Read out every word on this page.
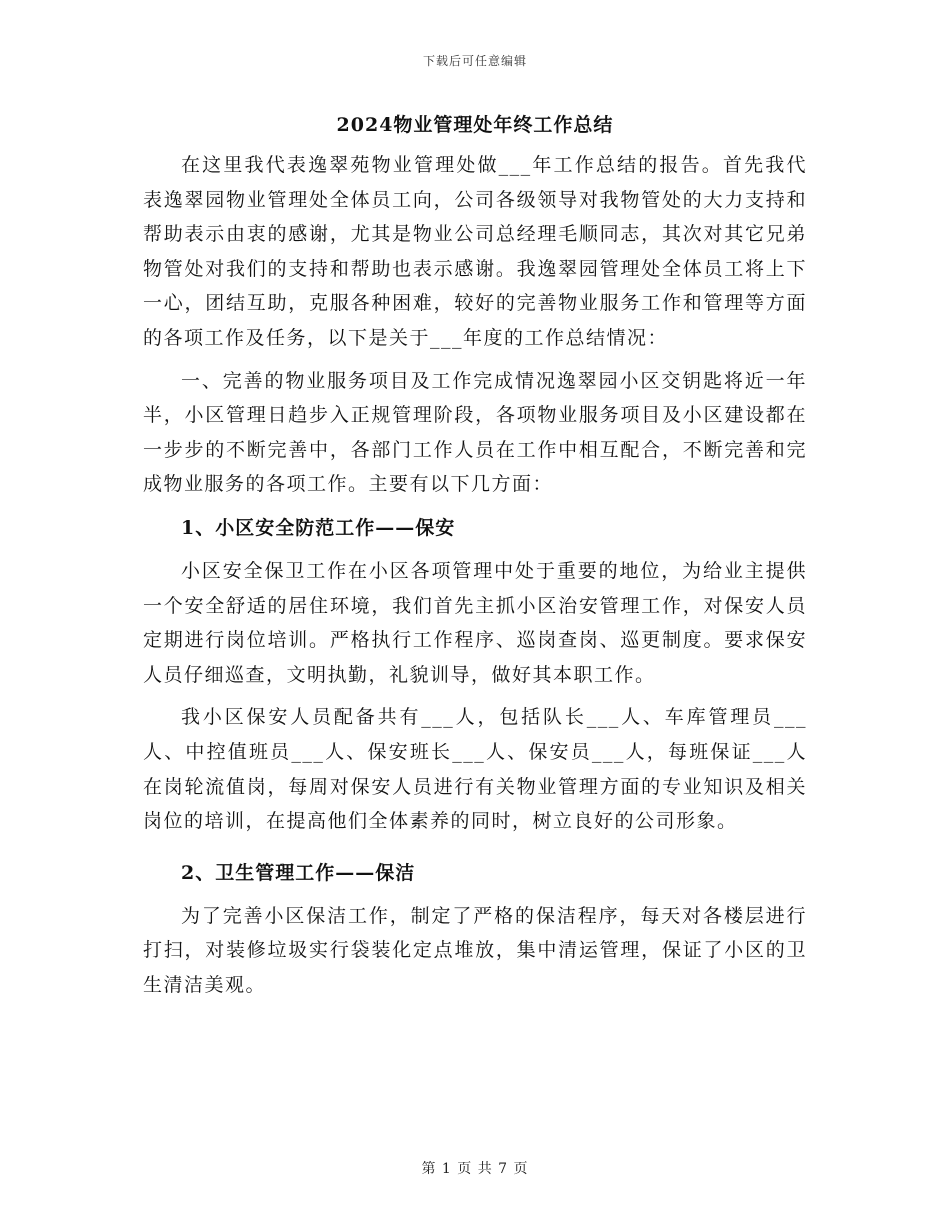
下载后可任意编辑
2024物业管理处年终工作总结

在这里我代表逸翠苑物业管理处做___年工作总结的报告。首先我代表逸翠园物业管理处全体员工向，公司各级领导对我物管处的大力支持和帮助表示由衷的感谢，尤其是物业公司总经理毛顺同志，其次对其它兄弟物管处对我们的支持和帮助也表示感谢。我逸翠园管理处全体员工将上下一心，团结互助，克服各种困难，较好的完善物业服务工作和管理等方面的各项工作及任务，以下是关于___年度的工作总结情况：

一、完善的物业服务项目及工作完成情况逸翠园小区交钥匙将近一年半，小区管理日趋步入正规管理阶段，各项物业服务项目及小区建设都在一步步的不断完善中，各部门工作人员在工作中相互配合，不断完善和完成物业服务的各项工作。主要有以下几方面：

1、小区安全防范工作——保安

小区安全保卫工作在小区各项管理中处于重要的地位，为给业主提供一个安全舒适的居住环境，我们首先主抓小区治安管理工作，对保安人员定期进行岗位培训。严格执行工作程序、巡岗查岗、巡更制度。要求保安人员仔细巡查，文明执勤，礼貌训导，做好其本职工作。

我小区保安人员配备共有___人，包括队长___人、车库管理员___人、中控值班员___人、保安班长___人、保安员___人，每班保证___人在岗轮流值岗，每周对保安人员进行有关物业管理方面的专业知识及相关岗位的培训，在提高他们全体素养的同时，树立良好的公司形象。

2、卫生管理工作——保洁

为了完善小区保洁工作，制定了严格的保洁程序，每天对各楼层进行打扫，对装修垃圾实行袋装化定点堆放，集中清运管理，保证了小区的卫生清洁美观。

第 1 页 共 7 页
